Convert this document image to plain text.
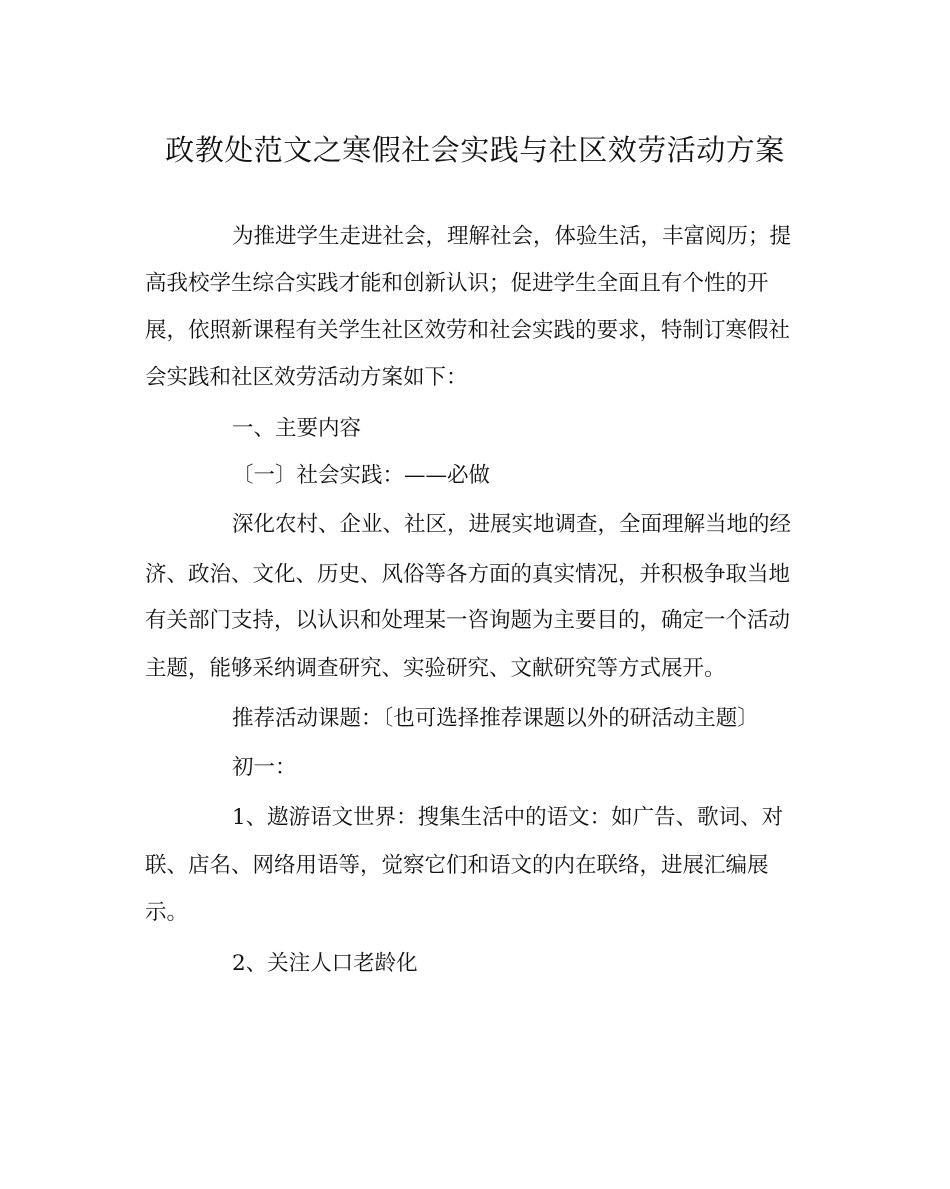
政教处范文之寒假社会实践与社区效劳活动方案
为推进学生走进社会，理解社会，体验生活，丰富阅历；提
高我校学生综合实践才能和创新认识；促进学生全面且有个性的开
展，依照新课程有关学生社区效劳和社会实践的要求，特制订寒假社
会实践和社区效劳活动方案如下：
一、主要内容
〔一〕社会实践：——必做
深化农村、企业、社区，进展实地调查，全面理解当地的经
济、政治、文化、历史、风俗等各方面的真实情况，并积极争取当地
有关部门支持，以认识和处理某一咨询题为主要目的，确定一个活动
主题，能够采纳调查研究、实验研究、文献研究等方式展开。
推荐活动课题：〔也可选择推荐课题以外的研活动主题〕
初一：
1、遨游语文世界：搜集生活中的语文：如广告、歌词、对
联、店名、网络用语等，觉察它们和语文的内在联络，进展汇编展
示。
2、关注人口老龄化
